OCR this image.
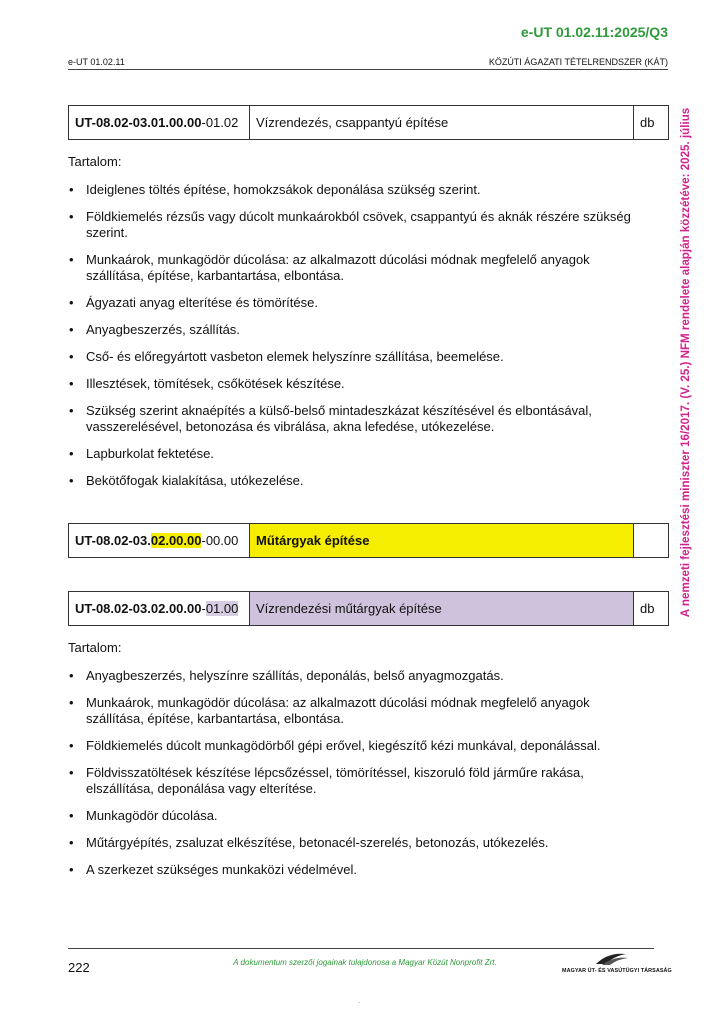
e-UT 01.02.11:2025/Q3
e-UT 01.02.11	KÖZÚTI ÁGAZATI TÉTELRENDSZER (KÁT)
A nemzeti fejlesztési miniszter 16/2017. (V. 25.) NFM rendelete alapján közzétéve: 2025. július
UT-08.02-03.01.00.00-01.02	Vízrendezés, csappantyú építése	db
Tartalom:
• Ideiglenes töltés építése, homokzsákok deponálása szükség szerint.
• Földkiemelés rézsűs vagy dúcolt munkaárokból csövek, csappantyú és aknák részére szükség szerint.
• Munkaárok, munkagödör dúcolása: az alkalmazott dúcolási módnak megfelelő anyagok szállítása, építése, karbantartása, elbontása.
• Ágyazati anyag elterítése és tömörítése.
• Anyagbeszerzés, szállítás.
• Cső- és előregyártott vasbeton elemek helyszínre szállítása, beemelése.
• Illesztések, tömítések, csőkötések készítése.
• Szükség szerint aknaépítés a külső-belső mintadeszkázat készítésével és elbontásával, vasszerelésével, betonozása és vibrálása, akna lefedése, utókezelése.
• Lapburkolat fektetése.
• Bekötőfogak kialakítása, utókezelése.
UT-08.02-03.02.00.00-00.00	Műtárgyak építése	
UT-08.02-03.02.00.00-01.00	Vízrendezési műtárgyak építése	db
Tartalom:
• Anyagbeszerzés, helyszínre szállítás, deponálás, belső anyagmozgatás.
• Munkaárok, munkagödör dúcolása: az alkalmazott dúcolási módnak megfelelő anyagok szállítása, építése, karbantartása, elbontása.
• Földkiemelés dúcolt munkagödörből gépi erővel, kiegészítő kézi munkával, deponálással.
• Földvisszatöltések készítése lépcsőzéssel, tömörítéssel, kiszoruló föld járműre rakása, elszállítása, deponálása vagy elterítése.
• Munkagödör dúcolása.
• Műtárgyépítés, zsaluzat elkészítése, betonacél-szerelés, betonozás, utókezelés.
• A szerkezet szükséges munkaközi védelmével.
222	A dokumentum szerzői jogainak tulajdonosa a Magyar Közút Nonprofit Zrt.
MAGYAR ÚT- ÉS VASÚTÜGYI TÁRSASÁG
.
